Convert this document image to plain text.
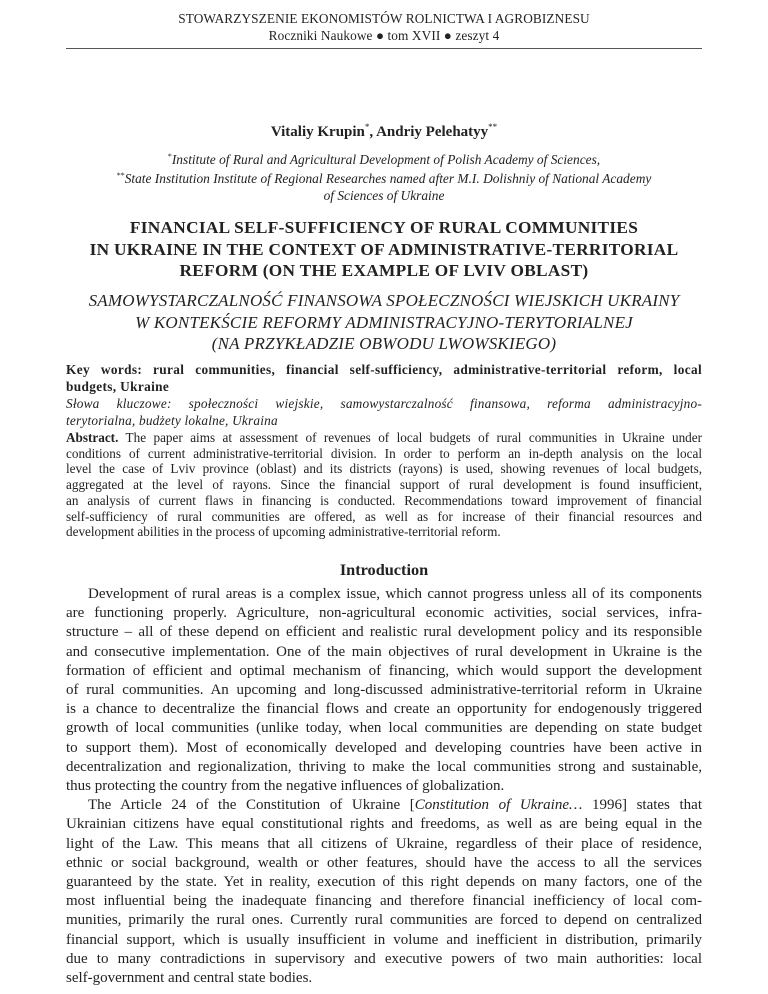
STOWARZYSZENIE EKONOMISTÓW ROLNICTWA I AGROBIZNESU
Roczniki Naukowe ● tom XVII ● zeszyt 4
Vitaliy Krupin*, Andriy Pelehatyy**
*Institute of Rural and Agricultural Development of Polish Academy of Sciences,
**State Institution Institute of Regional Researches named after M.I. Dolishniy of National Academy
of Sciences of Ukraine
FINANCIAL SELF-SUFFICIENCY OF RURAL COMMUNITIES
IN UKRAINE IN THE CONTEXT OF ADMINISTRATIVE-TERRITORIAL
REFORM (ON THE EXAMPLE OF LVIV OBLAST)
SAMOWYSTARCZALNOŚĆ FINANSOWA SPOŁECZNOŚCI WIEJSKICH UKRAINY
W KONTEKŚCIE REFORMY ADMINISTRACYJNO-TERYTORIALNEJ
(NA PRZYKŁADZIE OBWODU LWOWSKIEGO)
Key words: rural communities, financial self-sufficiency, administrative-territorial reform, local
budgets, Ukraine
Słowa kluczowe: społeczności wiejskie, samowystarczalność finansowa, reforma administracyjno-
terytorialna, budżety lokalne, Ukraina
Abstract. The paper aims at assessment of revenues of local budgets of rural communities in Ukraine under
conditions of current administrative-territorial division. In order to perform an in-depth analysis on the local
level the case of Lviv province (oblast) and its districts (rayons) is used, showing revenues of local budgets,
aggregated at the level of rayons. Since the financial support of rural development is found insufficient,
an analysis of current flaws in financing is conducted. Recommendations toward improvement of financial
self-sufficiency of rural communities are offered, as well as for increase of their financial resources and
development abilities in the process of upcoming administrative-territorial reform.
Introduction
Development of rural areas is a complex issue, which cannot progress unless all of its components
are functioning properly. Agriculture, non-agricultural economic activities, social services, infra-
structure – all of these depend on efficient and realistic rural development policy and its responsible
and consecutive implementation. One of the main objectives of rural development in Ukraine is the
formation of efficient and optimal mechanism of financing, which would support the development
of rural communities. An upcoming and long-discussed administrative-territorial reform in Ukraine
is a chance to decentralize the financial flows and create an opportunity for endogenously triggered
growth of local communities (unlike today, when local communities are depending on state budget
to support them). Most of economically developed and developing countries have been active in
decentralization and regionalization, thriving to make the local communities strong and sustainable,
thus protecting the country from the negative influences of globalization.
The Article 24 of the Constitution of Ukraine [Constitution of Ukraine… 1996] states that
Ukrainian citizens have equal constitutional rights and freedoms, as well as are being equal in the
light of the Law. This means that all citizens of Ukraine, regardless of their place of residence,
ethnic or social background, wealth or other features, should have the access to all the services
guaranteed by the state. Yet in reality, execution of this right depends on many factors, one of the
most influential being the inadequate financing and therefore financial inefficiency of local com-
munities, primarily the rural ones. Currently rural communities are forced to depend on centralized
financial support, which is usually insufficient in volume and inefficient in distribution, primarily
due to many contradictions in supervisory and executive powers of two main authorities: local
self-government and central state bodies.
